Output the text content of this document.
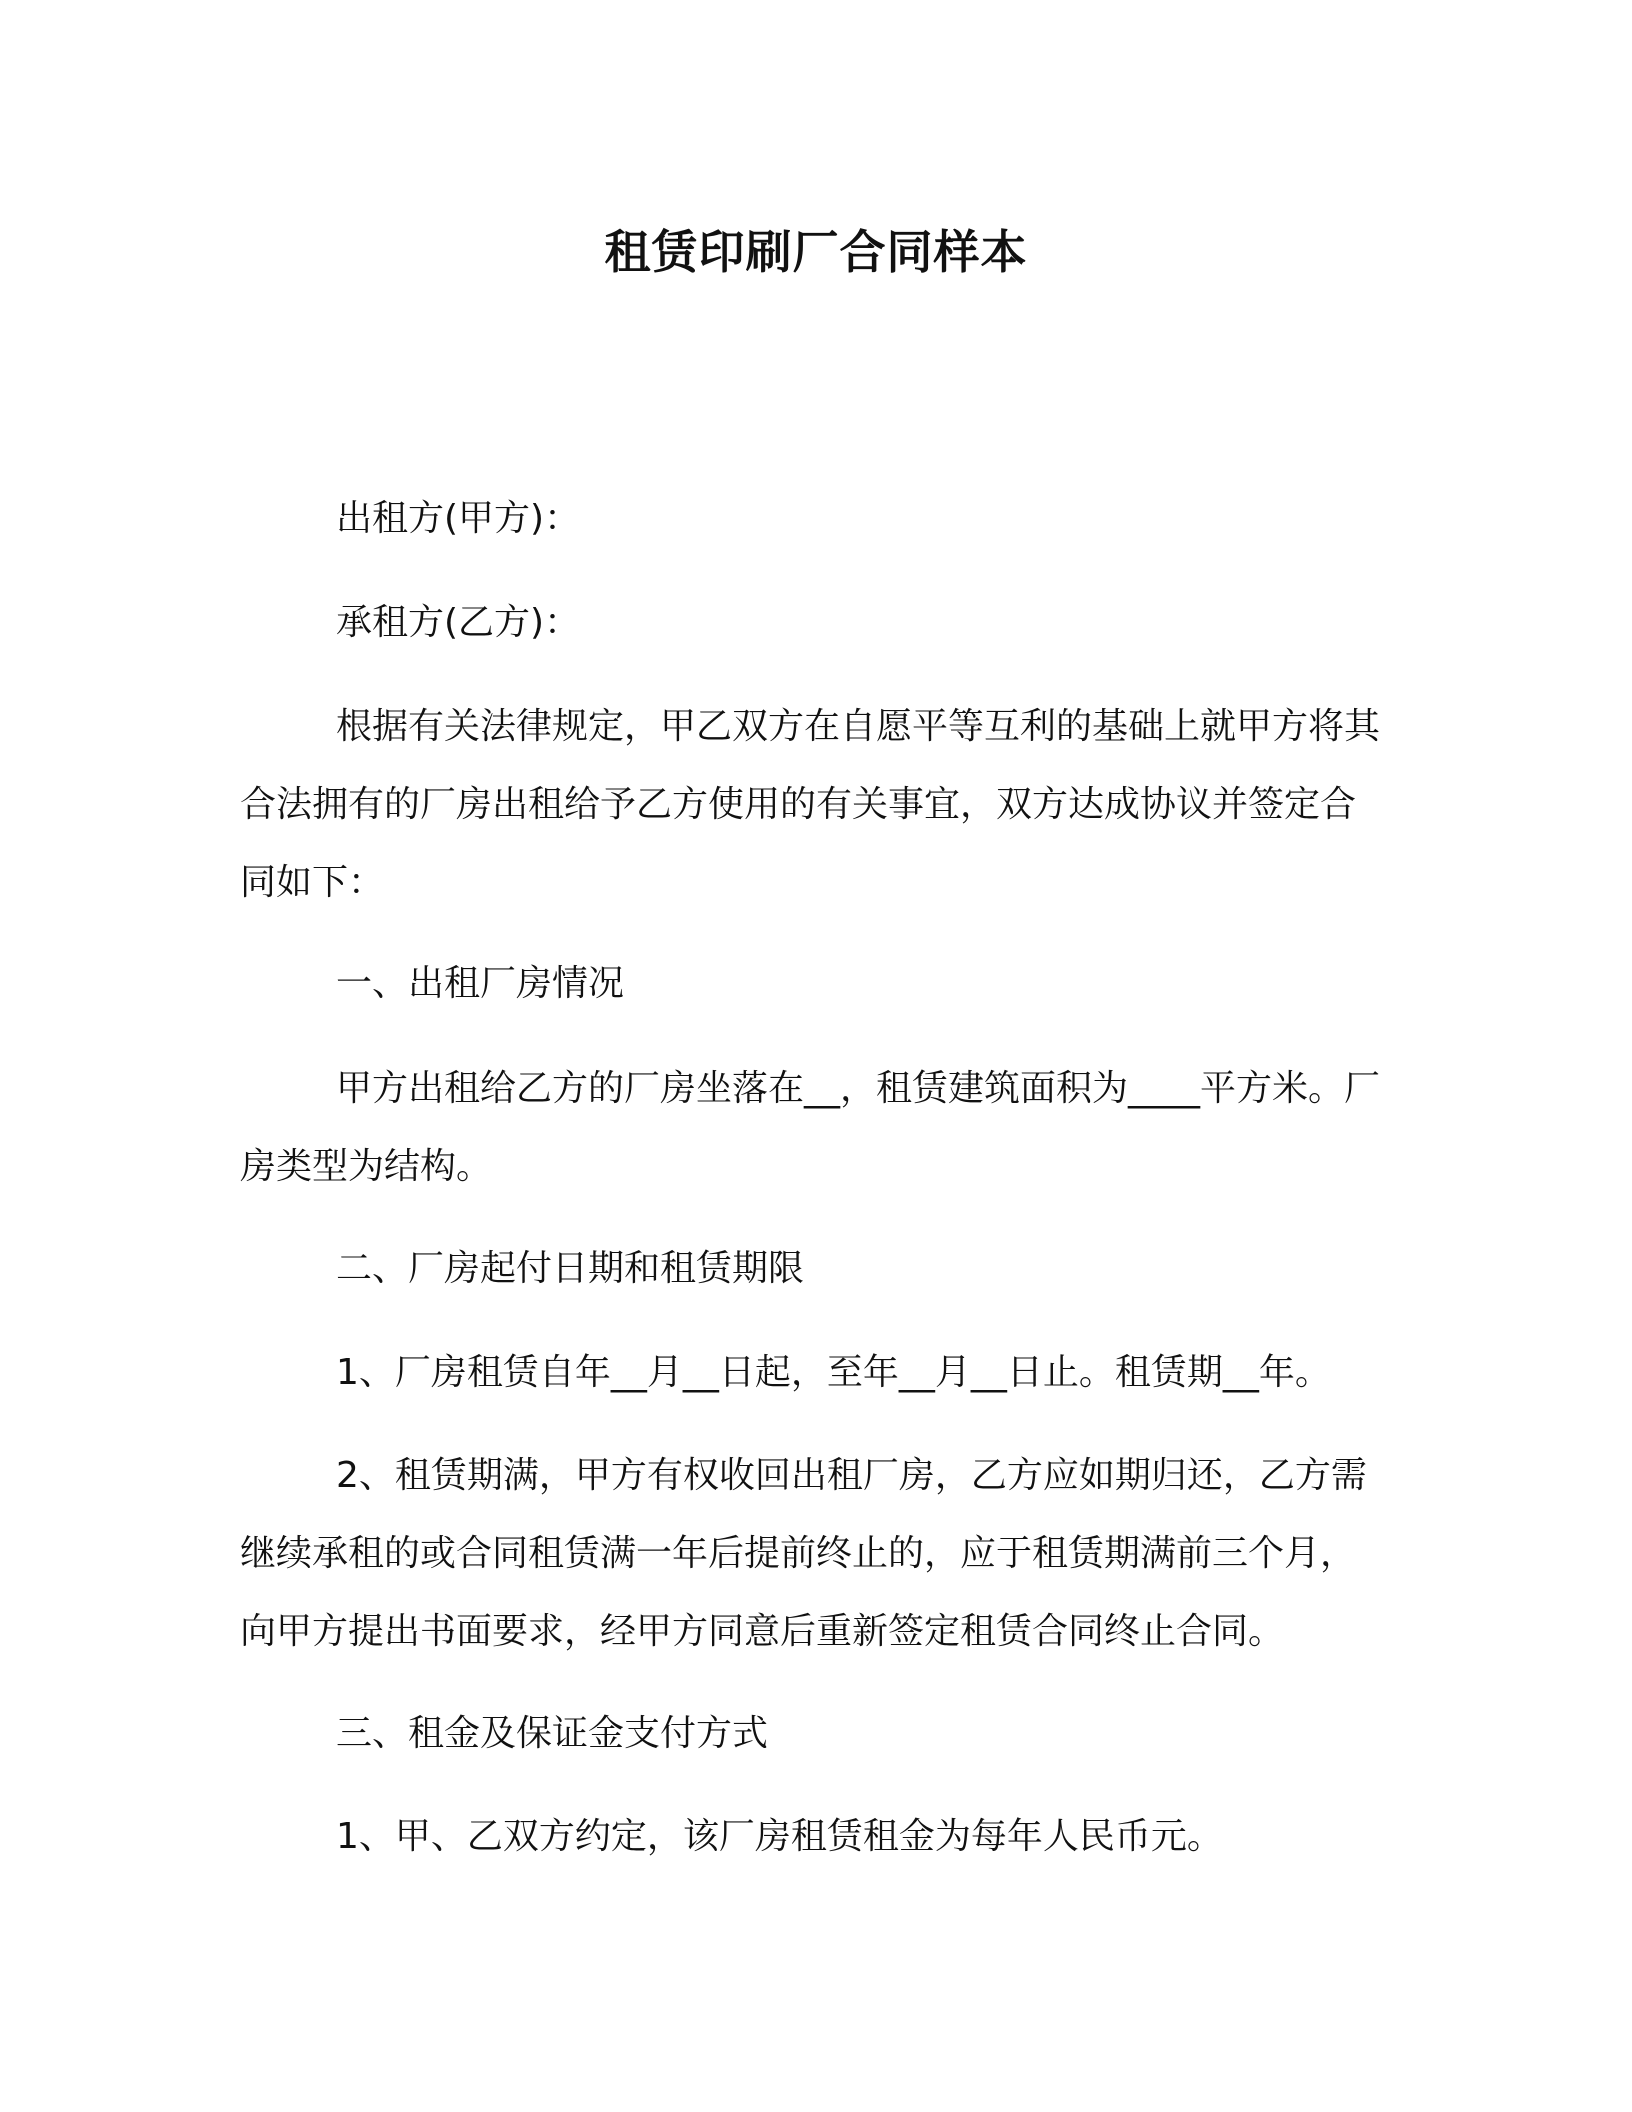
租赁印刷厂合同样本

出租方(甲方)：

承租方(乙方)：

根据有关法律规定，甲乙双方在自愿平等互利的基础上就甲方将其合法拥有的厂房出租给予乙方使用的有关事宜，双方达成协议并签定合同如下：

一、出租厂房情况

甲方出租给乙方的厂房坐落在__，租赁建筑面积为____平方米。厂房类型为结构。

二、厂房起付日期和租赁期限

1、厂房租赁自年__月__日起，至年__月__日止。租赁期__年。

2、租赁期满，甲方有权收回出租厂房，乙方应如期归还，乙方需继续承租的或合同租赁满一年后提前终止的，应于租赁期满前三个月，向甲方提出书面要求，经甲方同意后重新签定租赁合同终止合同。

三、租金及保证金支付方式

1、甲、乙双方约定，该厂房租赁租金为每年人民币元。
